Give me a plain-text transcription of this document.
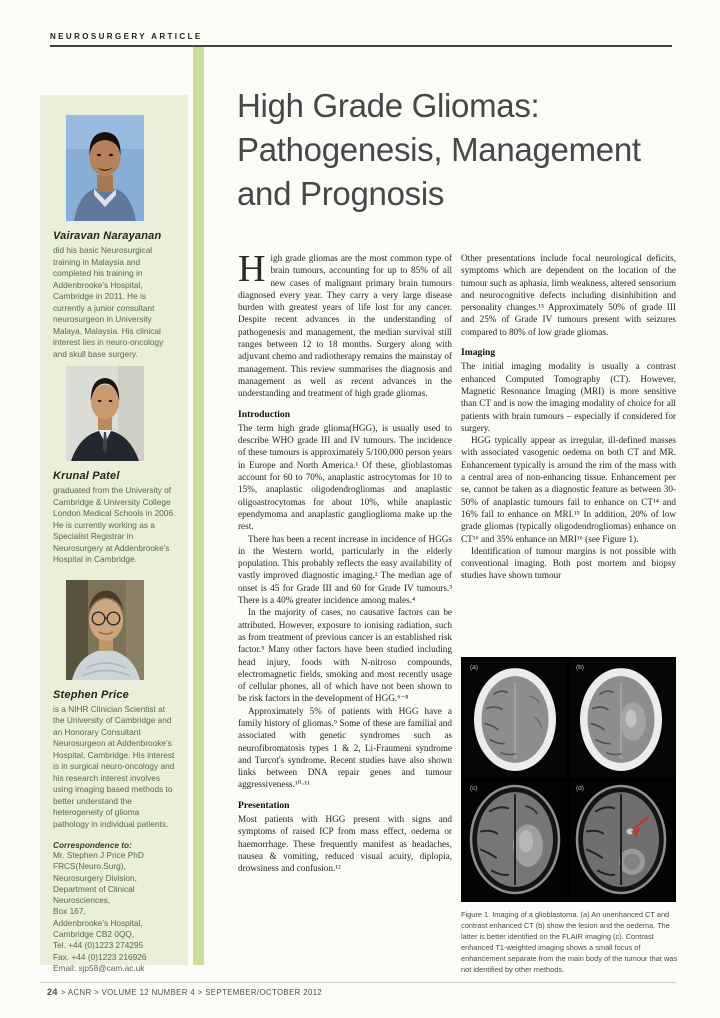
NEUROSURGERY ARTICLE
Vairavan Narayanan
did his basic Neurosurgical training in Malaysia and completed his training in Addenbrooke's Hospital, Cambridge in 2011. He is currently a junior consultant neurosurgeon in University Malaya, Malaysia. His clinical interest lies in neuro-oncology and skull base surgery.
Krunal Patel
graduated from the University of Cambridge & University College London Medical Schools in 2006. He is currently working as a Specialist Registrar in Neurosurgery at Addenbrooke's Hospital in Cambridge.
Stephen Price
is a NIHR Clinician Scientist at the University of Cambridge and an Honorary Consultant Neurosurgeon at Addenbrooke's Hospital, Cambridge. His interest is in surgical neuro-oncology and his research interest involves using imaging based methods to better understand the heterogeneity of glioma pathology in individual patients.
Correspondence to:
Mr. Stephen J Price PhD
FRCS(Neuro.Surg),
Neurosurgery Division,
Department of Clinical
Neurosciences,
Box 167,
Addenbrooke's Hospital,
Cambridge CB2 0QQ,
Tel. +44 (0)1223 274295
Fax. +44 (0)1223 216926
Email: sjp58@cam.ac.uk
High Grade Gliomas:
Pathogenesis, Management
and Prognosis

High grade gliomas are the most common type of brain tumours, accounting for up to 85% of all new cases of malignant primary brain tumours diagnosed every year. They carry a very large disease burden with greatest years of life lost for any cancer. Despite recent advances in the understanding of pathogenesis and management, the median survival still ranges between 12 to 18 months. Surgery along with adjuvant chemo and radiotherapy remains the mainstay of management. This review summarises the diagnosis and management as well as recent advances in the understanding and treatment of high grade gliomas.

Introduction

The term high grade glioma(HGG), is usually used to describe WHO grade III and IV tumours. The incidence of these tumours is approximately 5/100,000 person years in Europe and North America.¹ Of these, glioblastomas account for 60 to 70%, anaplastic astrocytomas for 10 to 15%, anaplastic oligodendrogliomas and anaplastic oligoastrocytomas for about 10%, while anaplastic ependymoma and anaplastic ganglioglioma make up the rest.

There has been a recent increase in incidence of HGGs in the Western world, particularly in the elderly population. This probably reflects the easy availability of vastly improved diagnostic imaging.² The median age of onset is 45 for Grade III and 60 for Grade IV tumours.³ There is a 40% greater incidence among males.⁴

In the majority of cases, no causative factors can be attributed. However, exposure to ionising radiation, such as from treatment of previous cancer is an established risk factor.⁵ Many other factors have been studied including head injury, foods with N-nitroso compounds, electromagnetic fields, smoking and most recently usage of cellular phones, all of which have not been shown to be risk factors in the development of HGG.⁶⁻⁸

Approximately 5% of patients with HGG have a family history of gliomas.⁹ Some of these are familial and associated with genetic syndromes such as neurofibromatosis types 1 & 2, Li-Fraumeni syndrome and Turcot's syndrome. Recent studies have also shown links between DNA repair genes and tumour aggressiveness.¹⁰·¹¹

Presentation

Most patients with HGG present with signs and symptoms of raised ICP from mass effect, oedema or haemorrhage. These frequently manifest as headaches, nausea & vomiting, reduced visual acuity, diplopia, drowsiness and confusion.¹²

Other presentations include focal neurological deficits, symptoms which are dependent on the location of the tumour such as aphasia, limb weakness, altered sensorium and neurocognitive defects including disinhibition and personality changes.¹³ Approximately 50% of grade III and 25% of Grade IV tumours present with seizures compared to 80% of low grade gliomas.

Imaging

The initial imaging modality is usually a contrast enhanced Computed Tomography (CT). However, Magnetic Resonance Imaging (MRI) is more sensitive than CT and is now the imaging modality of choice for all patients with brain tumours – especially if considered for surgery.

HGG typically appear as irregular, ill-defined masses with associated vasogenic oedema on both CT and MR. Enhancement typically is around the rim of the mass with a central area of non-enhancing tissue. Enhancement per se, cannot be taken as a diagnostic feature as between 30-50% of anaplastic tumours fail to enhance on CT¹⁴ and 16% fail to enhance on MRI.¹⁵ In addition, 20% of low grade gliomas (typically oligodendrogliomas) enhance on CT¹⁶ and 35% enhance on MRI¹⁶ (see Figure 1).

Identification of tumour margins is not possible with conventional imaging. Both post mortem and biopsy studies have shown tumour

(a)	(b)
(c)	(d)
Figure 1. Imaging of a glioblastoma. (a) An unenhanced CT and contrast enhanced CT (b) show the lesion and the oedema. The latter is better identified on the FLAIR imaging (c). Contrast enhanced T1-weighted imaging shows a small focus of enhancement separate from the main body of the tumour that was not identified by other methods.
24 > ACNR > VOLUME 12 NUMBER 4 > SEPTEMBER/OCTOBER 2012
